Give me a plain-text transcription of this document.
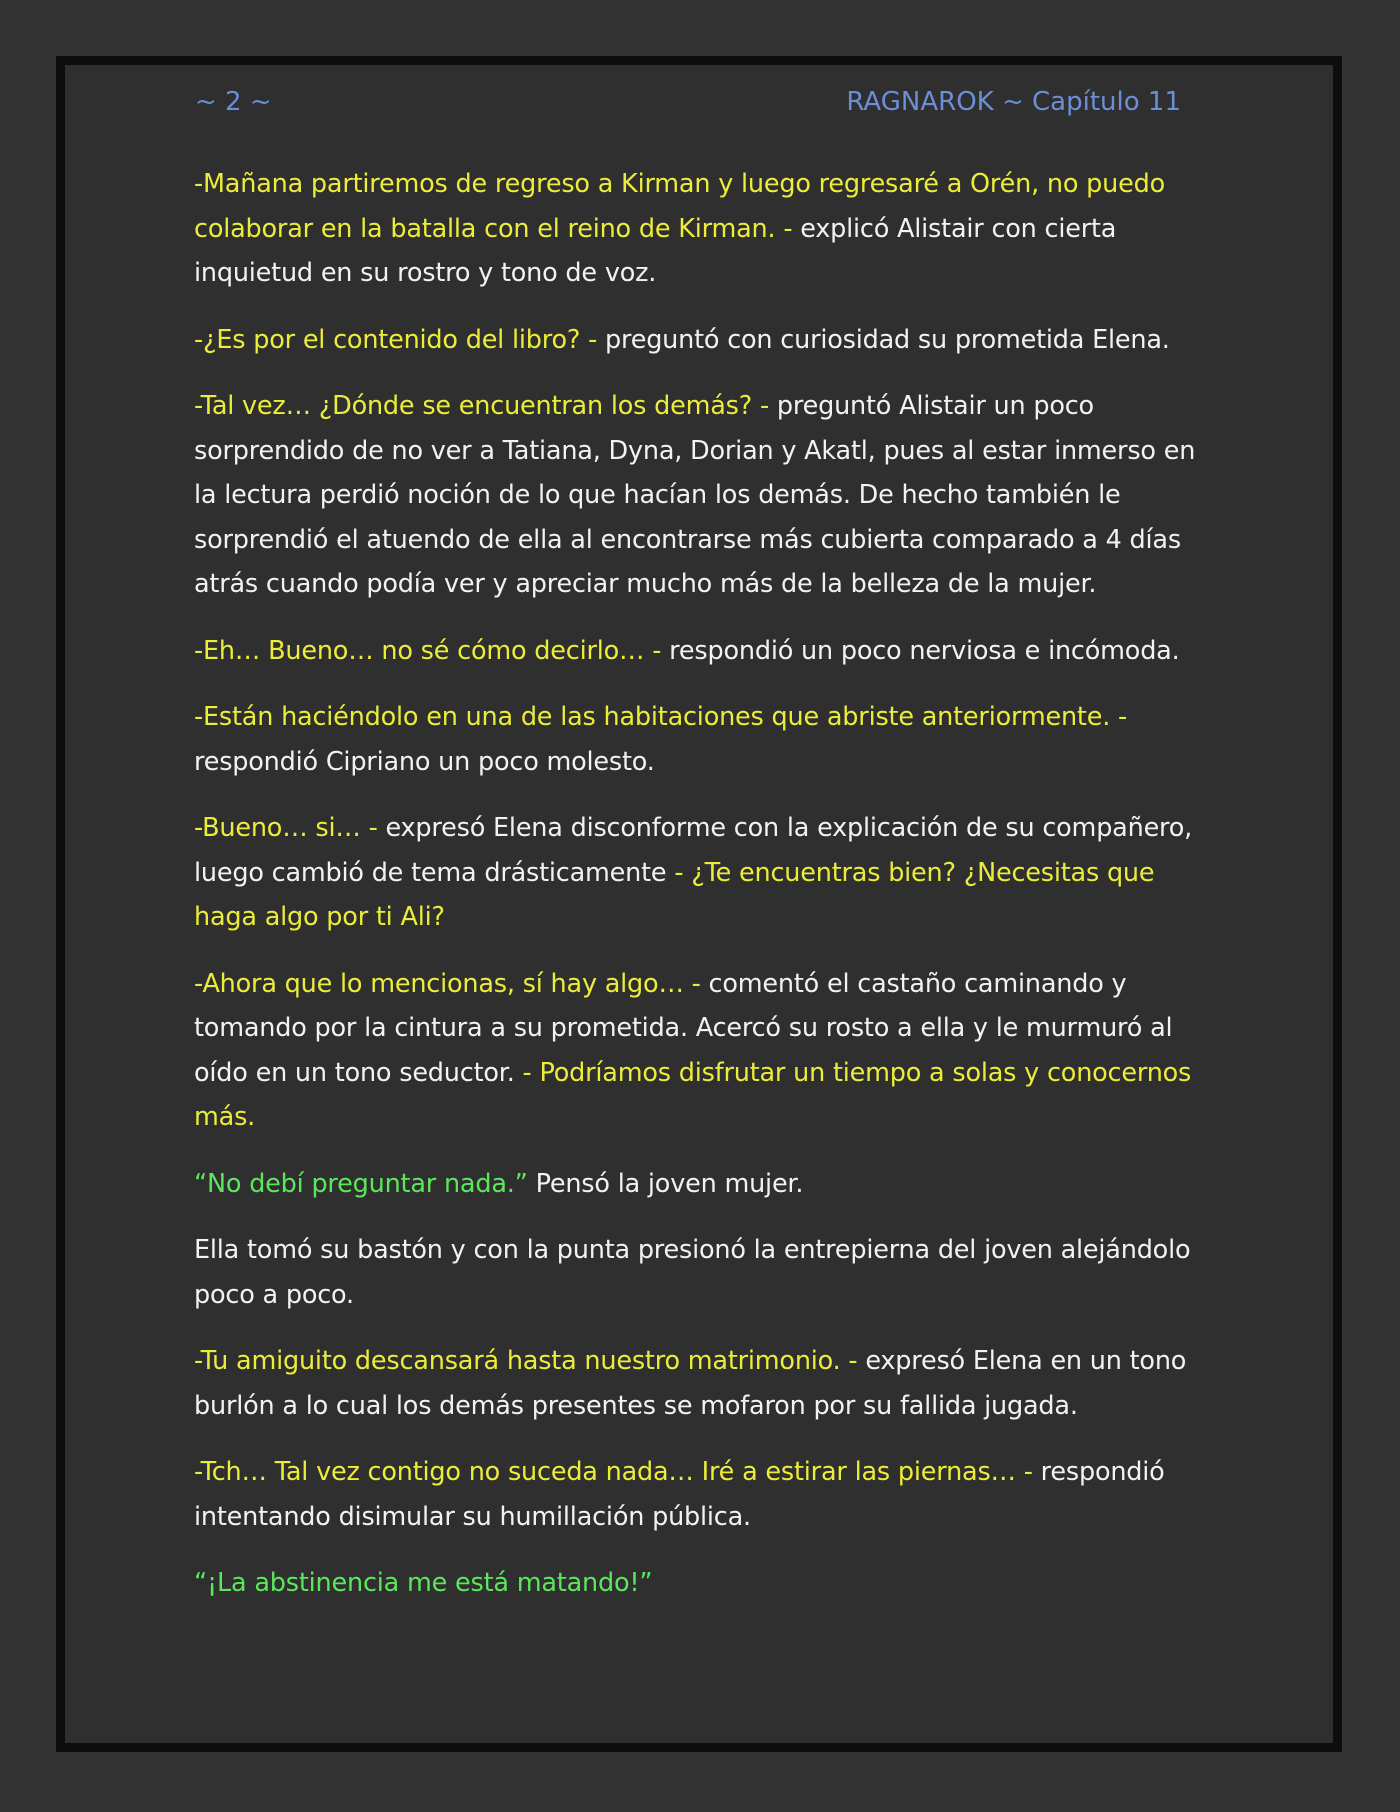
~ 2 ~	RAGNAROK ~ Capítulo 11

-Mañana partiremos de regreso a Kirman y luego regresaré a Orén, no puedo colaborar en la batalla con el reino de Kirman. - explicó Alistair con cierta inquietud en su rostro y tono de voz.

-¿Es por el contenido del libro? - preguntó con curiosidad su prometida Elena.

-Tal vez… ¿Dónde se encuentran los demás? - preguntó Alistair un poco sorprendido de no ver a Tatiana, Dyna, Dorian y Akatl, pues al estar inmerso en la lectura perdió noción de lo que hacían los demás. De hecho también le sorprendió el atuendo de ella al encontrarse más cubierta comparado a 4 días atrás cuando podía ver y apreciar mucho más de la belleza de la mujer.

-Eh… Bueno… no sé cómo decirlo… - respondió un poco nerviosa e incómoda.

-Están haciéndolo en una de las habitaciones que abriste anteriormente. - respondió Cipriano un poco molesto.

-Bueno… si… - expresó Elena disconforme con la explicación de su compañero, luego cambió de tema drásticamente - ¿Te encuentras bien? ¿Necesitas que haga algo por ti Ali?

-Ahora que lo mencionas, sí hay algo… - comentó el castaño caminando y tomando por la cintura a su prometida. Acercó su rosto a ella y le murmuró al oído en un tono seductor. - Podríamos disfrutar un tiempo a solas y conocernos más.

“No debí preguntar nada.” Pensó la joven mujer.

Ella tomó su bastón y con la punta presionó la entrepierna del joven alejándolo poco a poco.

-Tu amiguito descansará hasta nuestro matrimonio. - expresó Elena en un tono burlón a lo cual los demás presentes se mofaron por su fallida jugada.

-Tch… Tal vez contigo no suceda nada… Iré a estirar las piernas… - respondió intentando disimular su humillación pública.

“¡La abstinencia me está matando!”
